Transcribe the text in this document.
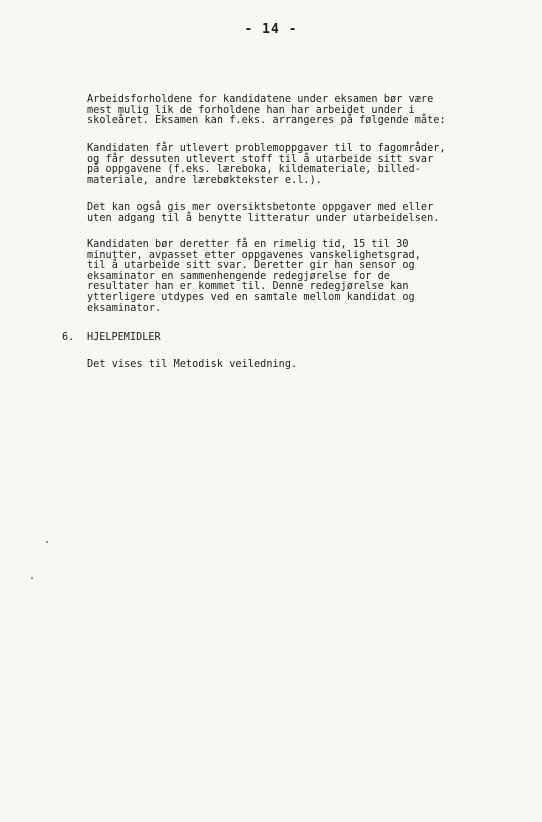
- 14 -
Arbeidsforholdene for kandidatene under eksamen bør være
mest mulig lik de forholdene han har arbeidet under i
skoleåret. Eksamen kan f.eks. arrangeres på følgende måte:
Kandidaten får utlevert problemoppgaver til to fagområder,
og får dessuten utlevert stoff til å utarbeide sitt svar
på oppgavene (f.eks. læreboka, kildemateriale, billed-
materiale, andre lærebøktekster e.l.).
Det kan også gis mer oversiktsbetonte oppgaver med eller
uten adgang til å benytte litteratur under utarbeidelsen.
Kandidaten bør deretter få en rimelig tid, 15 til 30
minutter, avpasset etter oppgavenes vanskelighetsgrad,
til å utarbeide sitt svar. Deretter gir han sensor og
eksaminator en sammenhengende redegjørelse for de
resultater han er kommet til. Denne redegjørelse kan
ytterligere utdypes ved en samtale mellom kandidat og
eksaminator.

6.

HJELPEMIDLER

Det vises til Metodisk veiledning.
